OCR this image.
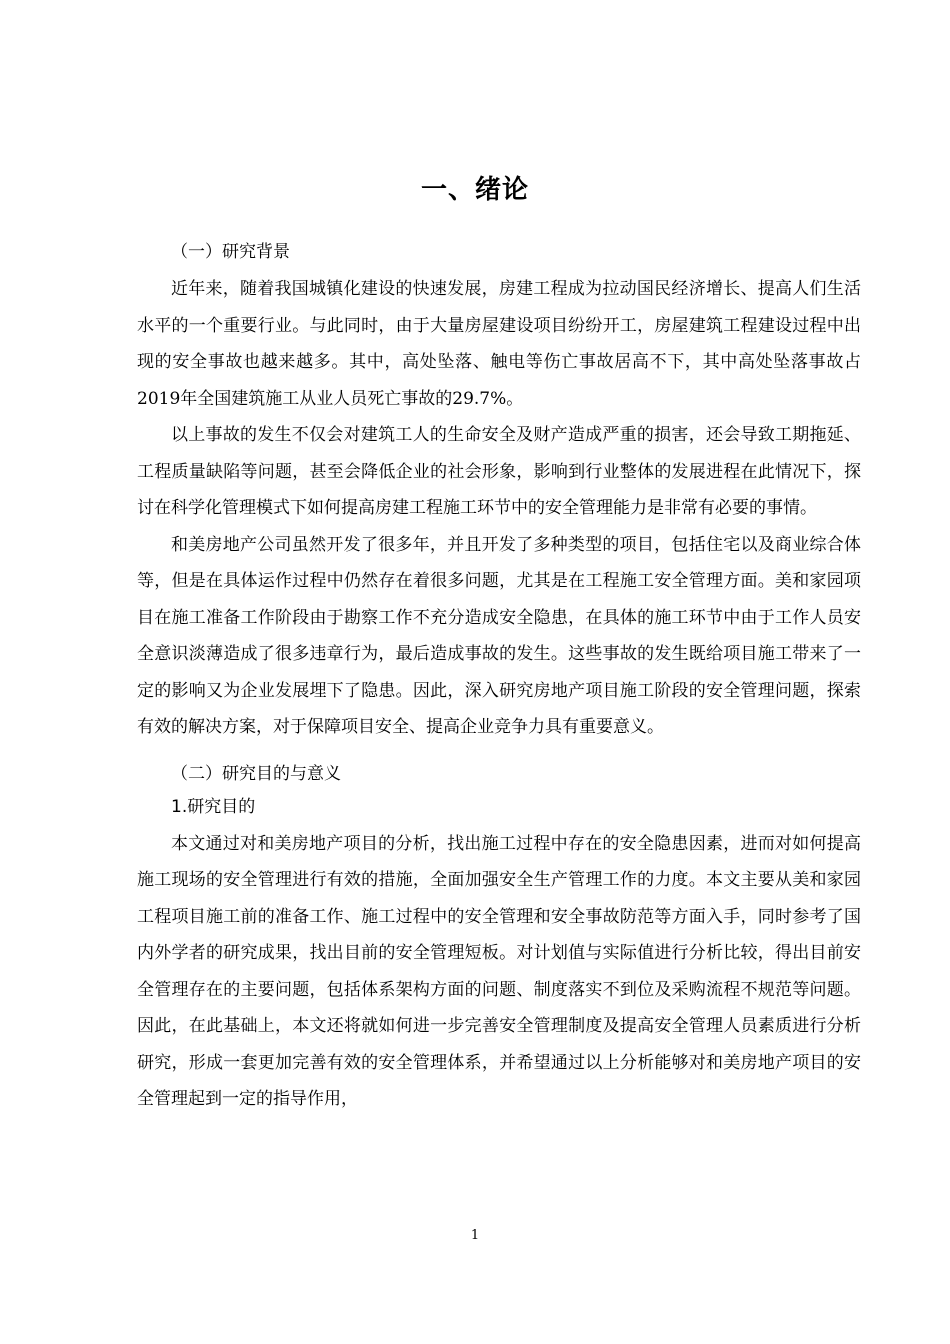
一、绪论
（一）研究背景

近年来，随着我国城镇化建设的快速发展，房建工程成为拉动国民经济增长、提高人们生活水平的一个重要行业。与此同时，由于大量房屋建设项目纷纷开工，房屋建筑工程建设过程中出现的安全事故也越来越多。其中，高处坠落、触电等伤亡事故居高不下，其中高处坠落事故占2019年全国建筑施工从业人员死亡事故的29.7%。

以上事故的发生不仅会对建筑工人的生命安全及财产造成严重的损害，还会导致工期拖延、工程质量缺陷等问题，甚至会降低企业的社会形象，影响到行业整体的发展进程在此情况下，探讨在科学化管理模式下如何提高房建工程施工环节中的安全管理能力是非常有必要的事情。

和美房地产公司虽然开发了很多年，并且开发了多种类型的项目，包括住宅以及商业综合体等，但是在具体运作过程中仍然存在着很多问题，尤其是在工程施工安全管理方面。美和家园项目在施工准备工作阶段由于勘察工作不充分造成安全隐患，在具体的施工环节中由于工作人员安全意识淡薄造成了很多违章行为，最后造成事故的发生。这些事故的发生既给项目施工带来了一定的影响又为企业发展埋下了隐患。因此，深入研究房地产项目施工阶段的安全管理问题，探索有效的解决方案，对于保障项目安全、提高企业竞争力具有重要意义。

（二）研究目的与意义
1.研究目的

本文通过对和美房地产项目的分析，找出施工过程中存在的安全隐患因素，进而对如何提高施工现场的安全管理进行有效的措施，全面加强安全生产管理工作的力度。本文主要从美和家园工程项目施工前的准备工作、施工过程中的安全管理和安全事故防范等方面入手，同时参考了国内外学者的研究成果，找出目前的安全管理短板。对计划值与实际值进行分析比较，得出目前安全管理存在的主要问题，包括体系架构方面的问题、制度落实不到位及采购流程不规范等问题。因此，在此基础上，本文还将就如何进一步完善安全管理制度及提高安全管理人员素质进行分析研究，形成一套更加完善有效的安全管理体系，并希望通过以上分析能够对和美房地产项目的安全管理起到一定的指导作用，

1
